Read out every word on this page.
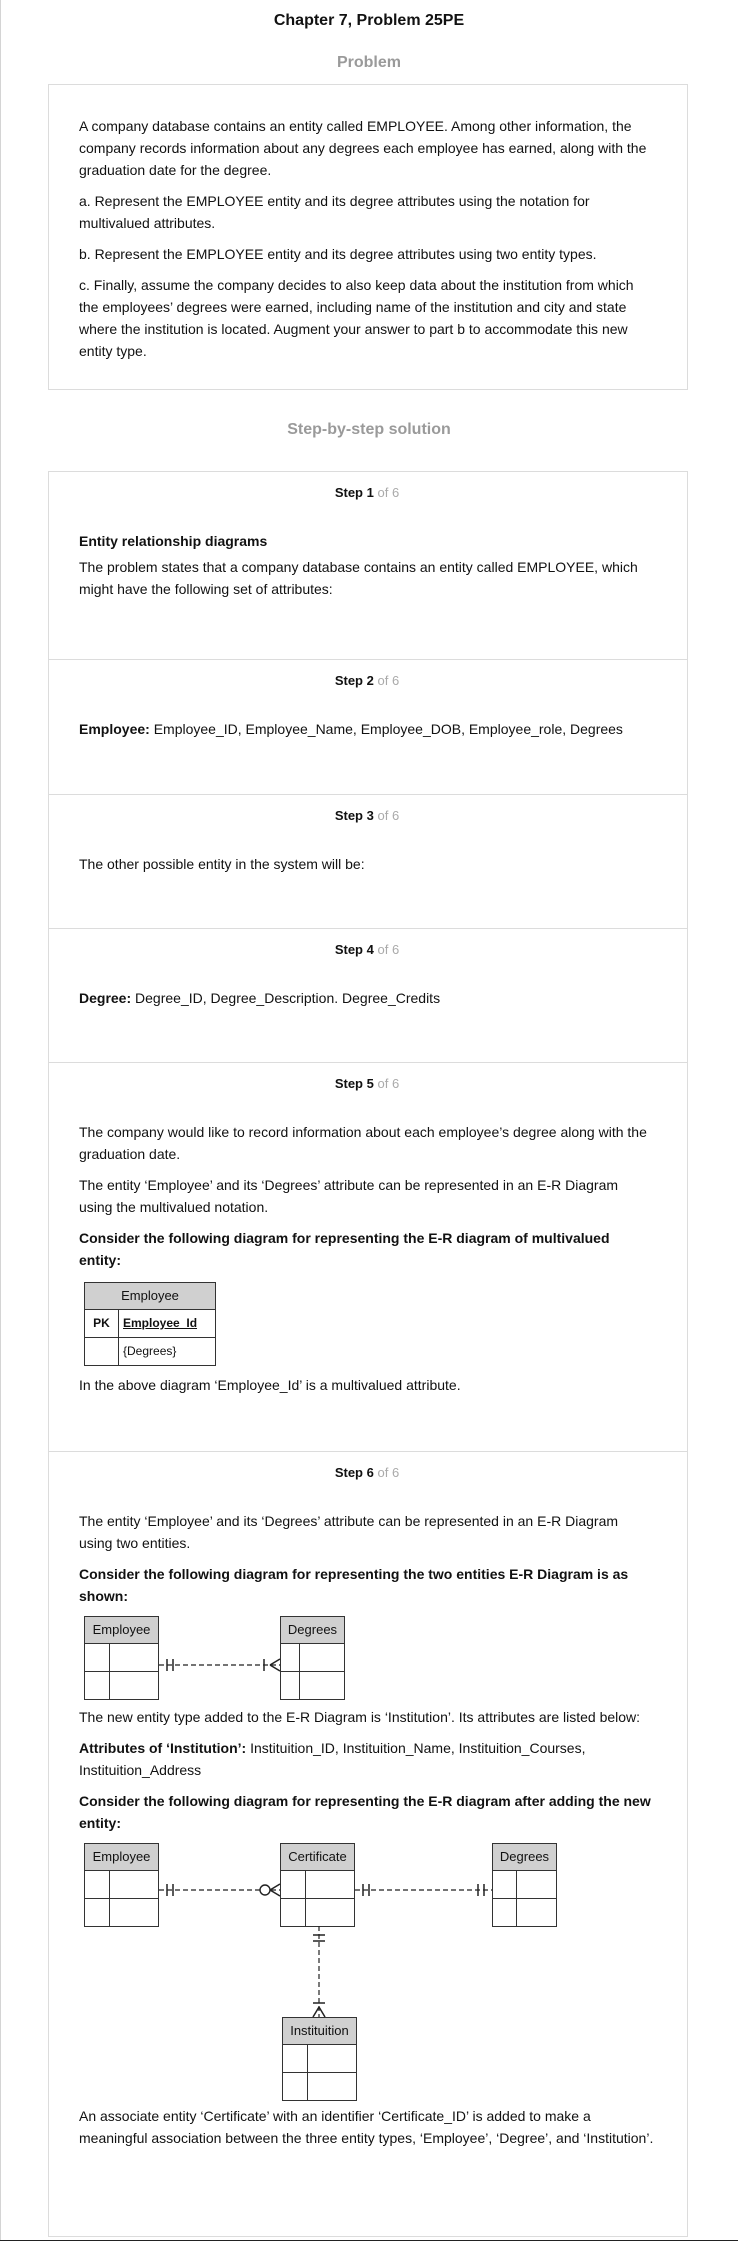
Chapter 7, Problem 25PE
Problem

A company database contains an entity called EMPLOYEE. Among other information, the company records information about any degrees each employee has earned, along with the graduation date for the degree.

a. Represent the EMPLOYEE entity and its degree attributes using the notation for multivalued attributes.

b. Represent the EMPLOYEE entity and its degree attributes using two entity types.

c. Finally, assume the company decides to also keep data about the institution from which the employees’ degrees were earned, including name of the institution and city and state where the institution is located. Augment your answer to part b to accommodate this new entity type.

Step-by-step solution
Step 1 of 6

Entity relationship diagrams

The problem states that a company database contains an entity called EMPLOYEE, which might have the following set of attributes:

Step 2 of 6

Employee: Employee_ID, Employee_Name, Employee_DOB, Employee_role, Degrees

Step 3 of 6

The other possible entity in the system will be:

Step 4 of 6

Degree: Degree_ID, Degree_Description. Degree_Credits

Step 5 of 6

The company would like to record information about each employee’s degree along with the graduation date.

The entity ‘Employee’ and its ‘Degrees’ attribute can be represented in an E-R Diagram using the multivalued notation.

Consider the following diagram for representing the E-R diagram of multivalued entity:

Employee
PK	Employee_Id
{Degrees}

In the above diagram ‘Employee_Id’ is a multivalued attribute.

Step 6 of 6

The entity ‘Employee’ and its ‘Degrees’ attribute can be represented in an E-R Diagram using two entities.

Consider the following diagram for representing the two entities E-R Diagram is as shown:

Employee	Degrees

The new entity type added to the E-R Diagram is ‘Institution’. Its attributes are listed below:

Attributes of ‘Institution’: Instituition_ID, Instituition_Name, Instituition_Courses, Instituition_Address

Consider the following diagram for representing the E-R diagram after adding the new entity:

Employee	Certificate	Degrees
Instituition

An associate entity ‘Certificate’ with an identifier ‘Certificate_ID’ is added to make a meaningful association between the three entity types, ‘Employee’, ‘Degree’, and ‘Institution’.
